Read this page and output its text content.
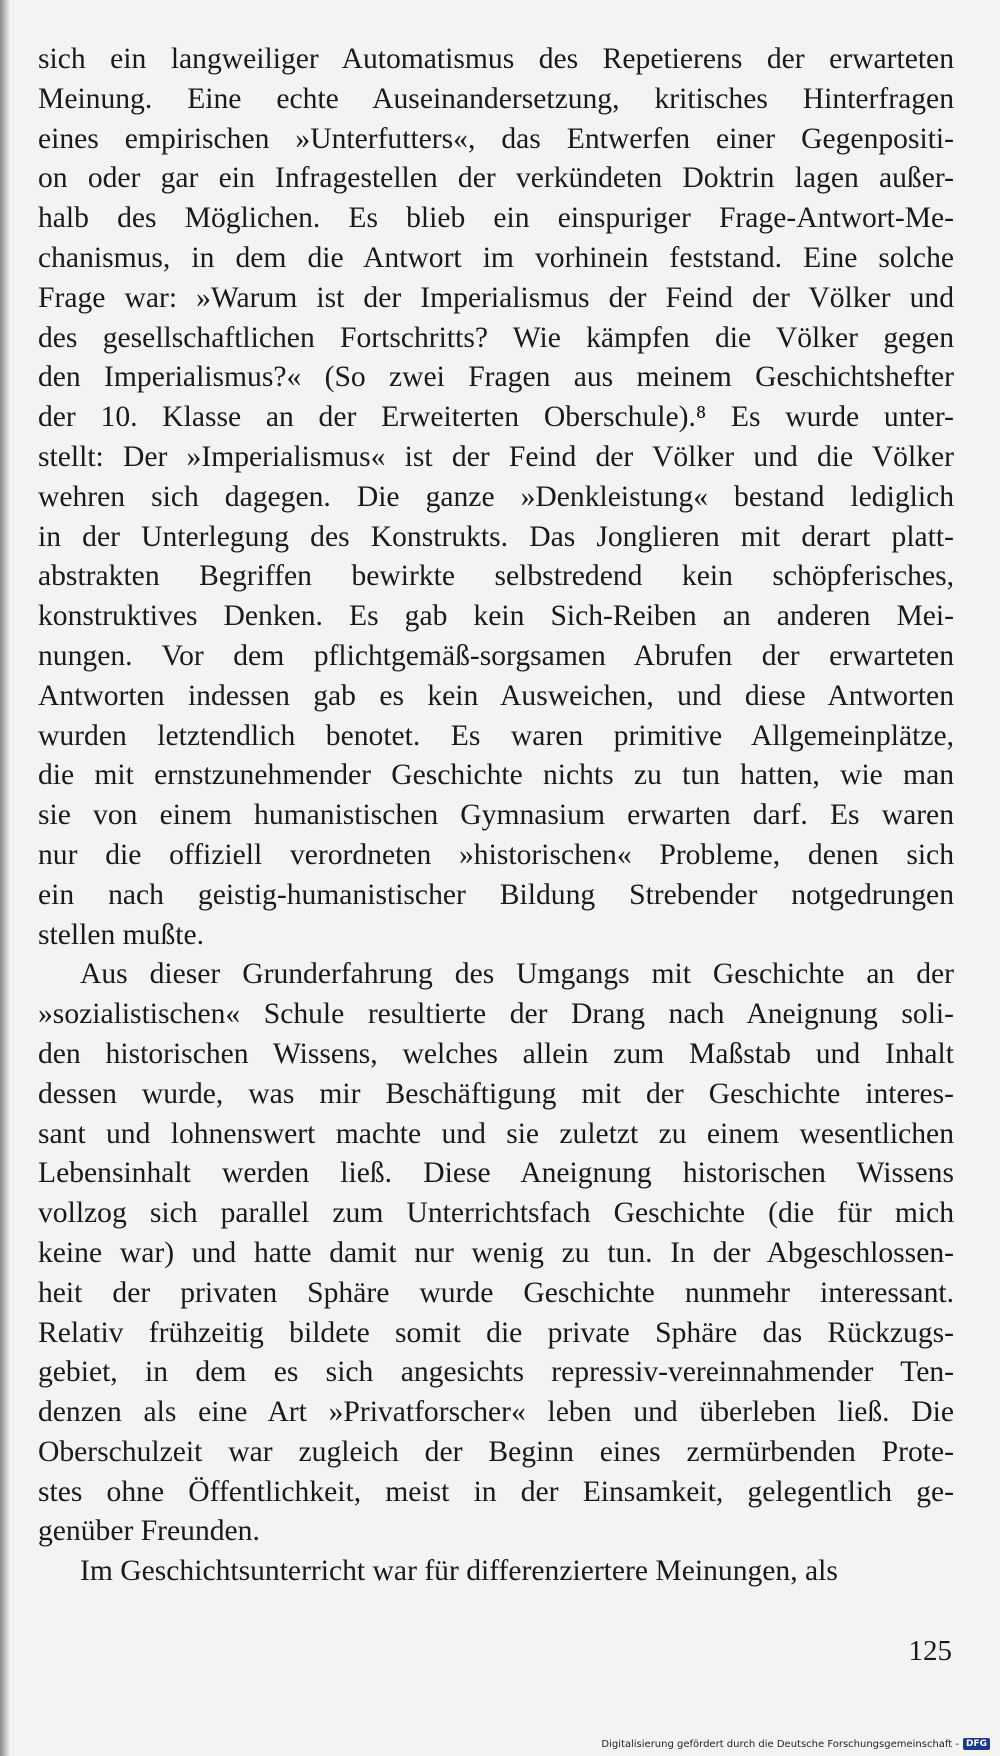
sich ein langweiliger Automatismus des Repetierens der erwarteten
Meinung. Eine echte Auseinandersetzung, kritisches Hinterfragen
eines empirischen »Unterfutters«, das Entwerfen einer Gegenpositi-
on oder gar ein Infragestellen der verkündeten Doktrin lagen außer-
halb des Möglichen. Es blieb ein einspuriger Frage-Antwort-Me-
chanismus, in dem die Antwort im vorhinein feststand. Eine solche
Frage war: »Warum ist der Imperialismus der Feind der Völker und
des gesellschaftlichen Fortschritts? Wie kämpfen die Völker gegen
den Imperialismus?« (So zwei Fragen aus meinem Geschichtshefter
der 10. Klasse an der Erweiterten Oberschule).⁸ Es wurde unter-
stellt: Der »Imperialismus« ist der Feind der Völker und die Völker
wehren sich dagegen. Die ganze »Denkleistung« bestand lediglich
in der Unterlegung des Konstrukts. Das Jonglieren mit derart platt-
abstrakten Begriffen bewirkte selbstredend kein schöpferisches,
konstruktives Denken. Es gab kein Sich-Reiben an anderen Mei-
nungen. Vor dem pflichtgemäß-sorgsamen Abrufen der erwarteten
Antworten indessen gab es kein Ausweichen, und diese Antworten
wurden letztendlich benotet. Es waren primitive Allgemeinplätze,
die mit ernstzunehmender Geschichte nichts zu tun hatten, wie man
sie von einem humanistischen Gymnasium erwarten darf. Es waren
nur die offiziell verordneten »historischen« Probleme, denen sich
ein nach geistig-humanistischer Bildung Strebender notgedrungen
stellen mußte.
Aus dieser Grunderfahrung des Umgangs mit Geschichte an der
»sozialistischen« Schule resultierte der Drang nach Aneignung soli-
den historischen Wissens, welches allein zum Maßstab und Inhalt
dessen wurde, was mir Beschäftigung mit der Geschichte interes-
sant und lohnenswert machte und sie zuletzt zu einem wesentlichen
Lebensinhalt werden ließ. Diese Aneignung historischen Wissens
vollzog sich parallel zum Unterrichtsfach Geschichte (die für mich
keine war) und hatte damit nur wenig zu tun. In der Abgeschlossen-
heit der privaten Sphäre wurde Geschichte nunmehr interessant.
Relativ frühzeitig bildete somit die private Sphäre das Rückzugs-
gebiet, in dem es sich angesichts repressiv-vereinnahmender Ten-
denzen als eine Art »Privatforscher« leben und überleben ließ. Die
Oberschulzeit war zugleich der Beginn eines zermürbenden Prote-
stes ohne Öffentlichkeit, meist in der Einsamkeit, gelegentlich ge-
genüber Freunden.
Im Geschichtsunterricht war für differenziertere Meinungen, als
125
Digitalisierung gefördert durch die Deutsche Forschungsgemeinschaft - DFG
